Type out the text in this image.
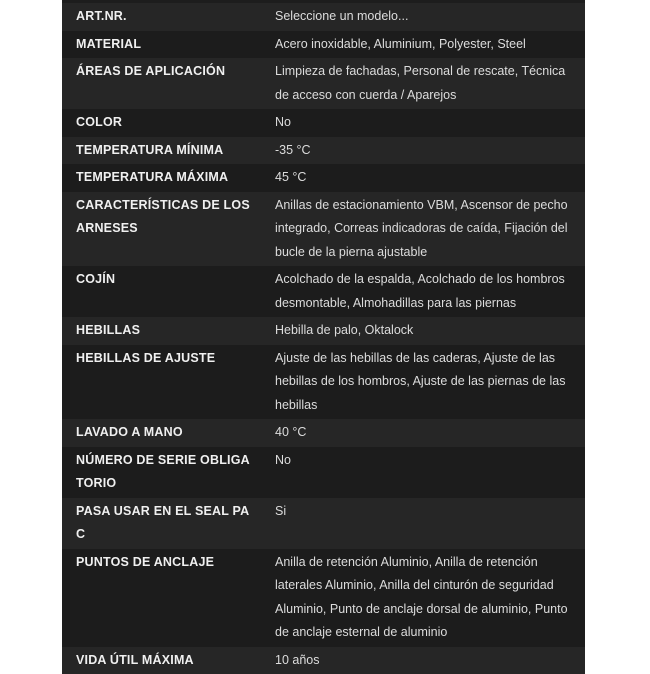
ART.NR.	Seleccione un modelo...
MATERIAL	Acero inoxidable, Aluminium, Polyester, Steel
ÁREAS DE APLICACIÓN	Limpieza de fachadas, Personal de rescate, Técnica de acceso con cuerda / Aparejos
COLOR	No
TEMPERATURA MÍNIMA	-35 °C
TEMPERATURA MÁXIMA	45 °C
CARACTERÍSTICAS DE LOS ARNESES	Anillas de estacionamiento VBM, Ascensor de pecho integrado, Correas indicadoras de caída, Fijación del bucle de la pierna ajustable
COJÍN	Acolchado de la espalda, Acolchado de los hombros desmontable, Almohadillas para las piernas
HEBILLAS	Hebilla de palo, Oktalock
HEBILLAS DE AJUSTE	Ajuste de las hebillas de las caderas, Ajuste de las hebillas de los hombros, Ajuste de las piernas de las hebillas
LAVADO A MANO	40 °C
NÚMERO DE SERIE OBLIGATORIO	No
PASA USAR EN EL SEAL PAC	Si
PUNTOS DE ANCLAJE	Anilla de retención Aluminio, Anilla de retención laterales Aluminio, Anilla del cinturón de seguridad Aluminio, Punto de anclaje dorsal de aluminio, Punto de anclaje esternal de aluminio
VIDA ÚTIL MÁXIMA	10 años
